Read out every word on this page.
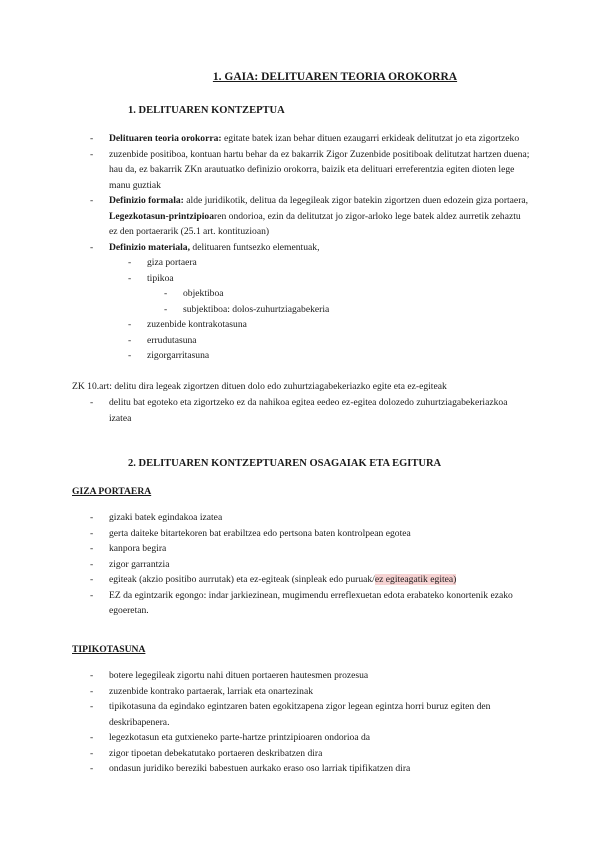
1. GAIA: DELITUAREN TEORIA OROKORRA
1. DELITUAREN KONTZEPTUA
- Delituaren teoria orokorra: egitate batek izan behar dituen ezaugarri erkideak delitutzat jo eta zigortzeko
- zuzenbide positiboa, kontuan hartu behar da ez bakarrik Zigor Zuzenbide positiboak delitutzat hartzen duena; hau da, ez bakarrik ZKn arautuatko definizio orokorra, baizik eta delituari erreferentzia egiten dioten lege manu guztiak
- Definizio formala: alde juridikotik, delitua da legegileak zigor batekin zigortzen duen edozein giza portaera, Legezkotasun-printzipioaren ondorioa, ezin da delitutzat jo zigor-arloko lege batek aldez aurretik zehaztu ez den portaerarik (25.1 art. kontituzioan)
- Definizio materiala, delituaren funtsezko elementuak,
- giza portaera
- tipikoa
- objektiboa
- subjektiboa: dolos-zuhurtziagabekeria
- zuzenbide kontrakotasuna
- errudutasuna
- zigorgarritasuna
ZK 10.art: delitu dira legeak zigortzen dituen dolo edo zuhurtziagabekeriazko egite eta ez-egiteak
- delitu bat egoteko eta zigortzeko ez da nahikoa egitea eedeo ez-egitea dolozedo zuhurtziagabekeriazkoa izatea
2. DELITUAREN KONTZEPTUAREN OSAGAIAK ETA EGITURA
GIZA PORTAERA
- gizaki batek egindakoa izatea
- gerta daiteke bitartekoren bat erabiltzea edo pertsona baten kontrolpean egotea
- kanpora begira
- zigor garrantzia
- egiteak (akzio positibo aurrutak) eta ez-egiteak (sinpleak edo puruak/ez egiteagatik egitea)
- EZ da egintzarik egongo: indar jarkiezinean, mugimendu erreflexuetan edota erabateko konortenik ezako egoeretan.
TIPIKOTASUNA
- botere legegileak zigortu nahi dituen portaeren hautesmen prozesua
- zuzenbide kontrako partaerak, larriak eta onartezinak
- tipikotasuna da egindako egintzaren baten egokitzapena zigor legean egintza horri buruz egiten den deskribapenera.
- legezkotasun eta gutxieneko parte-hartze printzipioaren ondorioa da
- zigor tipoetan debekatutako portaeren deskribatzen dira
- ondasun juridiko bereziki babestuen aurkako eraso oso larriak tipifikatzen dira
